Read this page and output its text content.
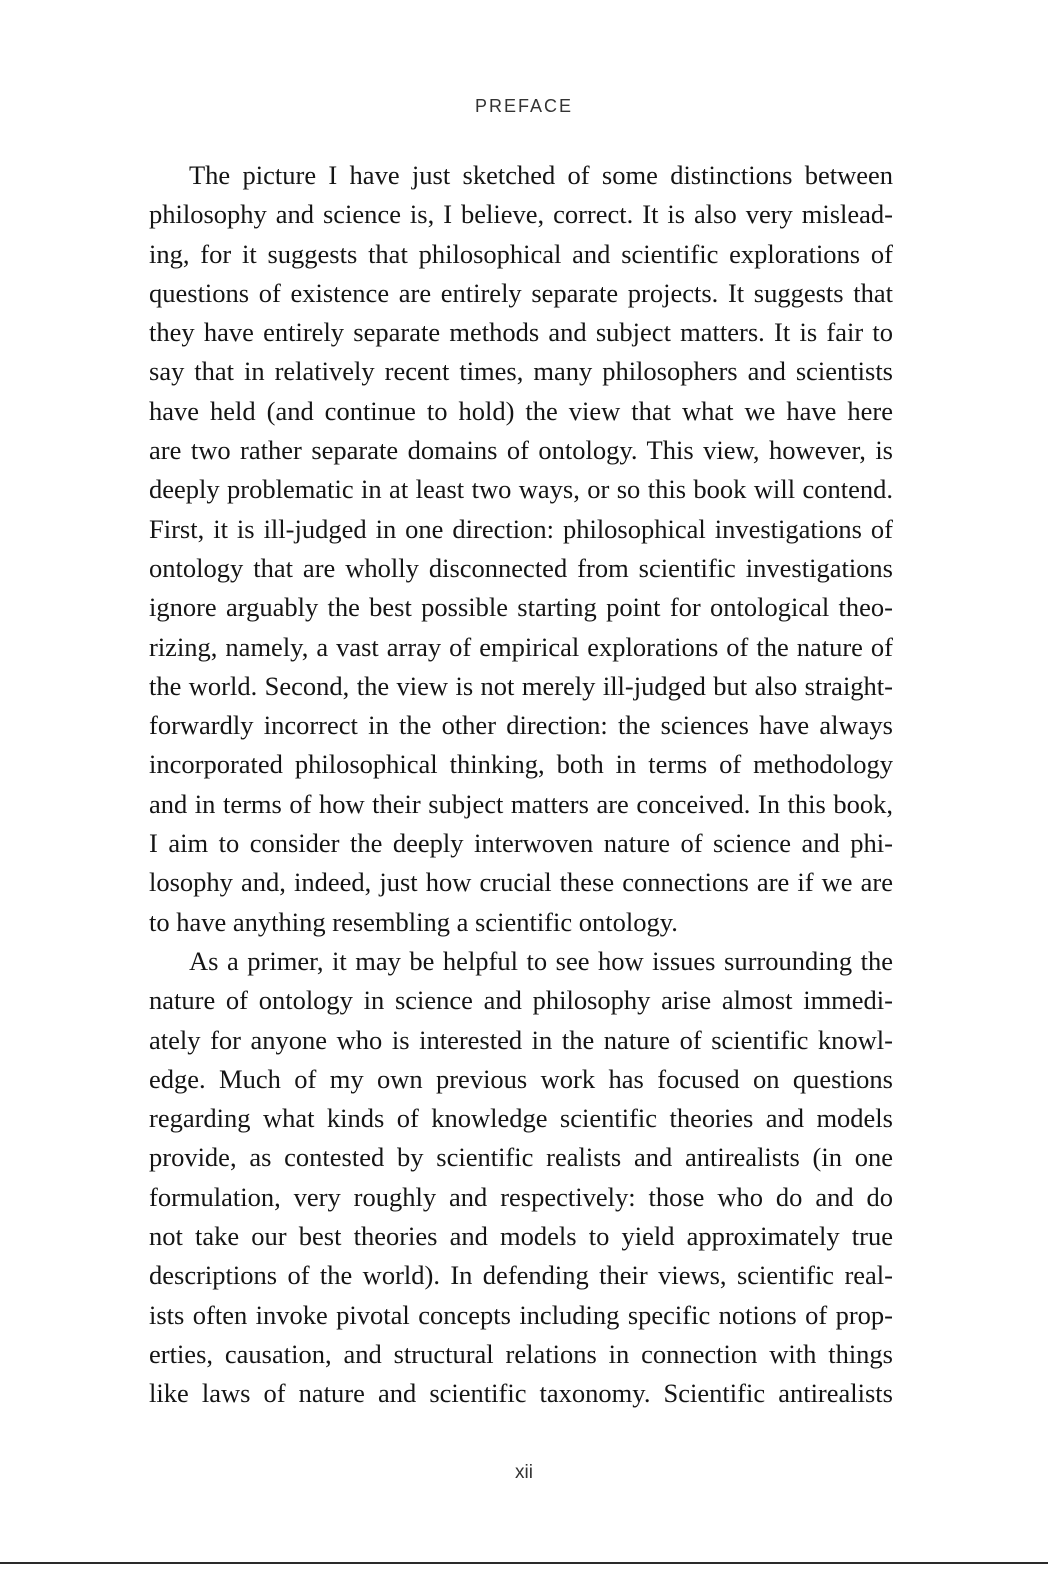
PREFACE

The picture I have just sketched of some distinctions between
philosophy and science is, I believe, correct. It is also very mislead-
ing, for it suggests that philosophical and scientific explorations of
questions of existence are entirely separate projects. It suggests that
they have entirely separate methods and subject matters. It is fair to
say that in relatively recent times, many philosophers and scientists
have held (and continue to hold) the view that what we have here
are two rather separate domains of ontology. This view, however, is
deeply problematic in at least two ways, or so this book will contend.
First, it is ill-judged in one direction: philosophical investigations of
ontology that are wholly disconnected from scientific investigations
ignore arguably the best possible starting point for ontological theo-
rizing, namely, a vast array of empirical explorations of the nature of
the world. Second, the view is not merely ill-judged but also straight-
forwardly incorrect in the other direction: the sciences have always
incorporated philosophical thinking, both in terms of methodology
and in terms of how their subject matters are conceived. In this book,
I aim to consider the deeply interwoven nature of science and phi-
losophy and, indeed, just how crucial these connections are if we are
to have anything resembling a scientific ontology.

As a primer, it may be helpful to see how issues surrounding the
nature of ontology in science and philosophy arise almost immedi-
ately for anyone who is interested in the nature of scientific knowl-
edge. Much of my own previous work has focused on questions
regarding what kinds of knowledge scientific theories and models
provide, as contested by scientific realists and antirealists (in one
formulation, very roughly and respectively: those who do and do
not take our best theories and models to yield approximately true
descriptions of the world). In defending their views, scientific real-
ists often invoke pivotal concepts including specific notions of prop-
erties, causation, and structural relations in connection with things
like laws of nature and scientific taxonomy. Scientific antirealists

xii
